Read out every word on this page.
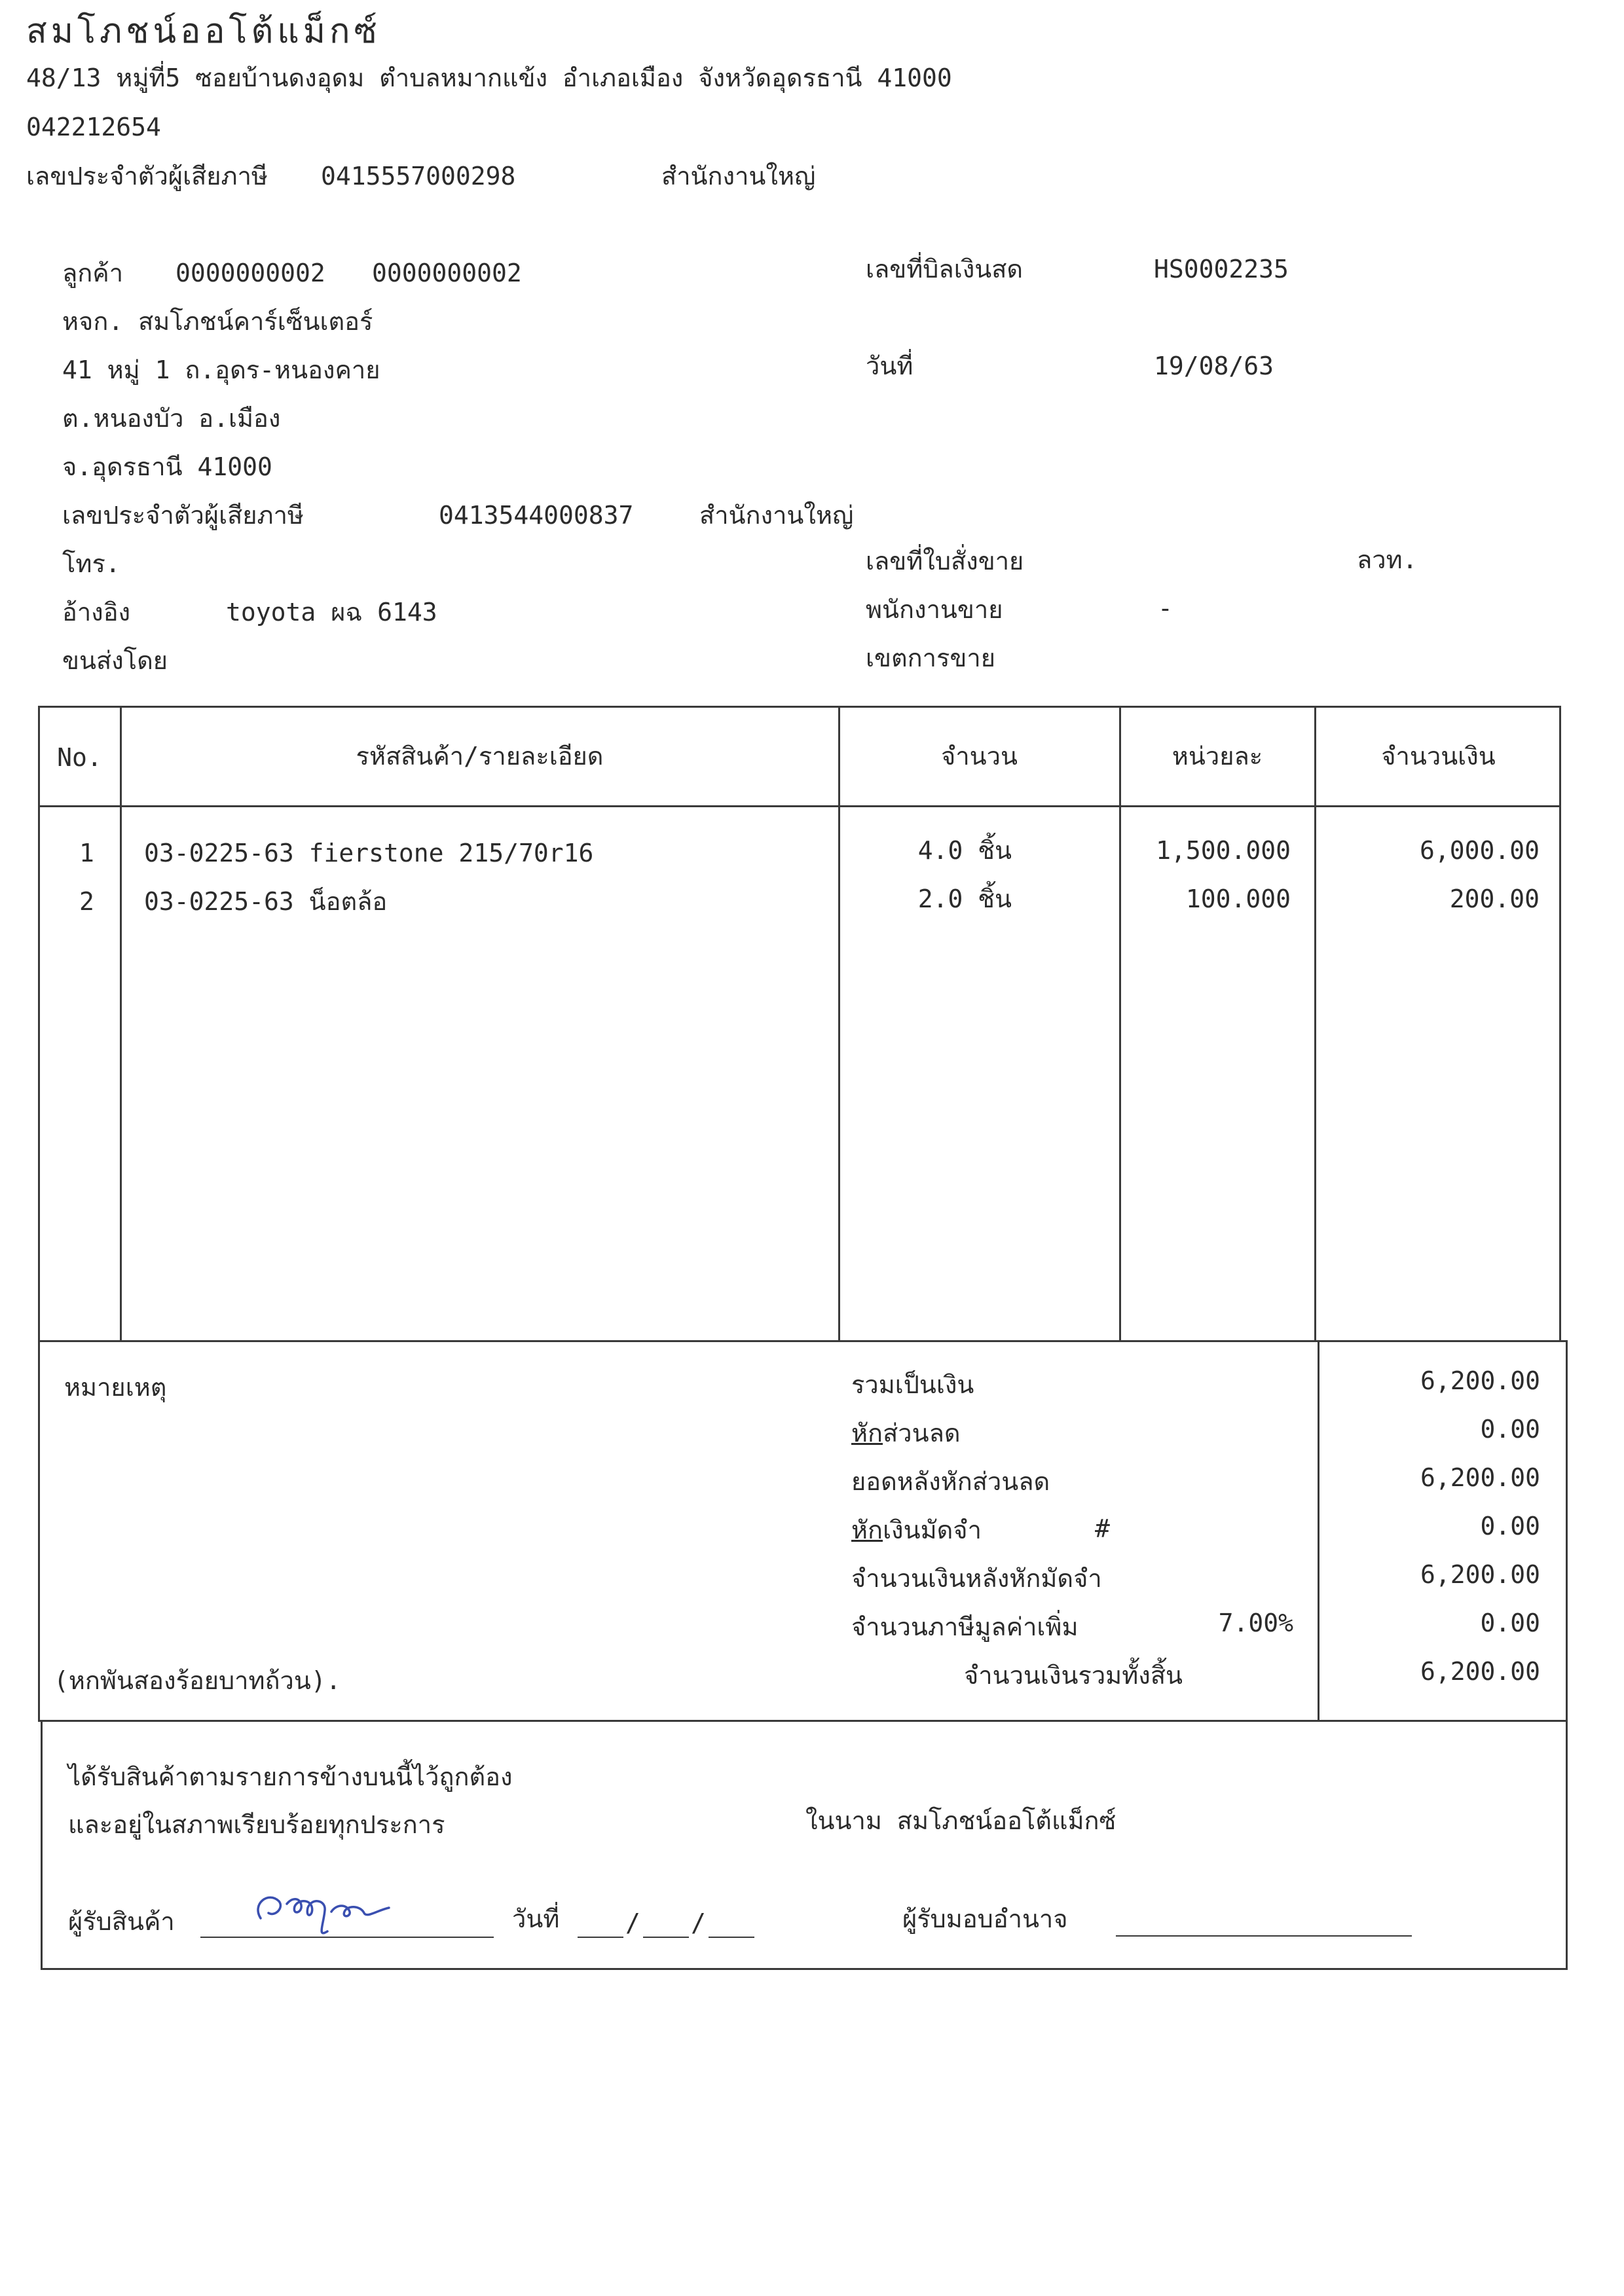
สมโภชน์ออโต้แม็กซ์
48/13 หมู่ที่5 ซอยบ้านดงอุดม ตำบลหมากแข้ง อำเภอเมือง จังหวัดอุดรธานี 41000
042212654
เลขประจำตัวผู้เสียภาษี 0415557000298	สำนักงานใหญ่
ลูกค้า 0000000002 0000000002
หจก. สมโภชน์คาร์เซ็นเตอร์
41 หมู่ 1 ถ.อุดร-หนองคาย
ต.หนองบัว อ.เมือง
จ.อุดรธานี 41000
เลขประจำตัวผู้เสียภาษี	0413544000837	สำนักงานใหญ่
โทร.
อ้างอิง	toyota ผฉ 6143
ขนส่งโดย
เลขที่บิลเงินสด	HS0002235
วันที่	19/08/63
เลขที่ใบสั่งขาย	ลวท.
พนักงานขาย	-
เขตการขาย
No.	รหัสสินค้า/รายละเอียด	จำนวน	หน่วยละ	จำนวนเงิน
1	03-0225-63 fierstone 215/70r16	4.0 ชิ้น	1,500.000	6,000.00
2	03-0225-63 น็อตล้อ	2.0 ชิ้น	100.000	200.00
หมายเหตุ	รวมเป็นเงิน	6,200.00
หักส่วนลด	0.00
ยอดหลังหักส่วนลด	6,200.00
หักเงินมัดจำ	#	0.00
จำนวนเงินหลังหักมัดจำ	6,200.00
จำนวนภาษีมูลค่าเพิ่ม	7.00%	0.00
(หกพันสองร้อยบาทถ้วน).	จำนวนเงินรวมทั้งสิ้น	6,200.00
ได้รับสินค้าตามรายการข้างบนนี้ไว้ถูกต้อง
และอยู่ในสภาพเรียบร้อยทุกประการ	ในนาม สมโภชน์ออโต้แม็กซ์
ผู้รับสินค้า	วันที่	/ /	ผู้รับมอบอำนาจ
